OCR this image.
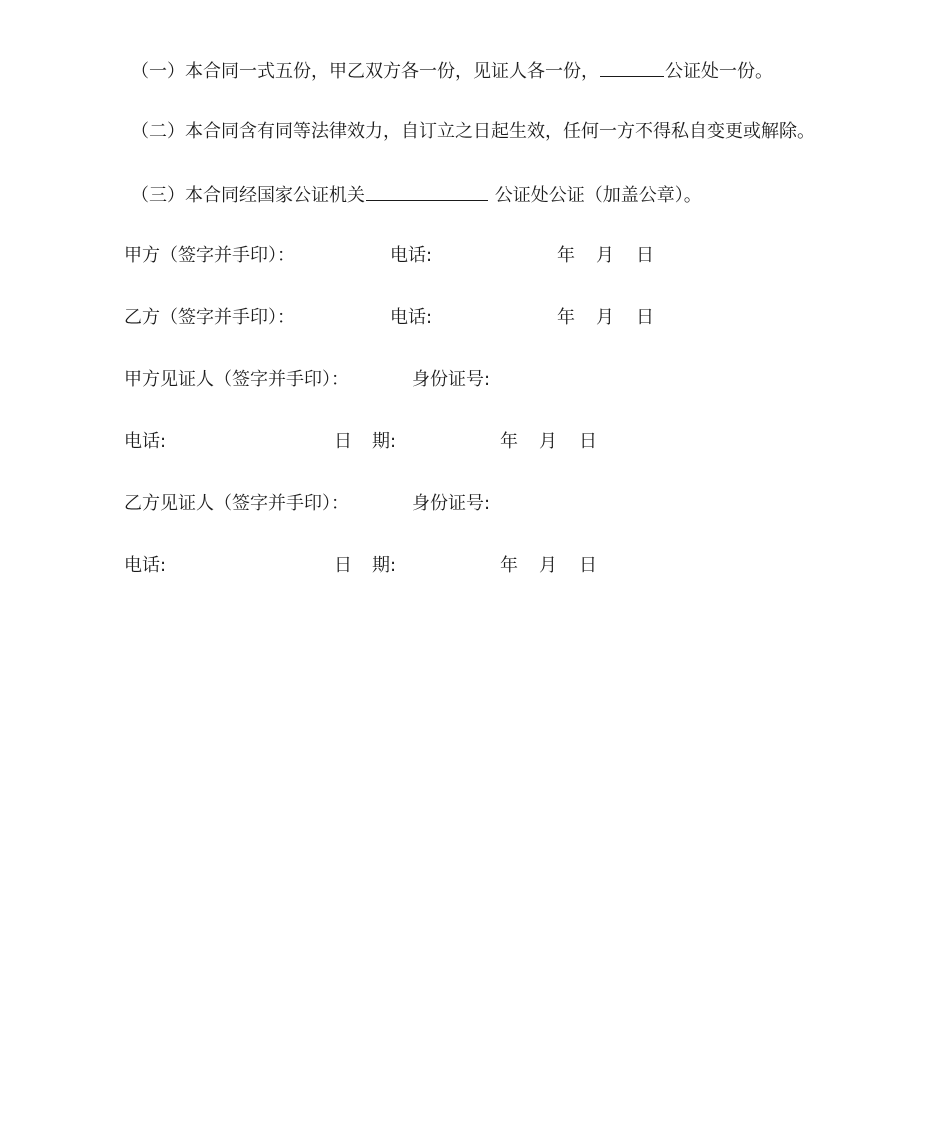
（一）本合同一式五份，甲乙双方各一份，见证人各一份，	公证处一份。
（二）本合同含有同等法律效力，自订立之日起生效，任何一方不得私自变更或解除。
（三）本合同经国家公证机关	公证处公证（加盖公章）。
甲方（签字并手印）：	电话:	年 月 日
乙方（签字并手印）：	电话:	年 月 日
甲方见证人（签字并手印）：	身份证号:
电话:	日 期:	年 月 日
乙方见证人（签字并手印）：	身份证号:
电话:	日 期:	年 月 日
